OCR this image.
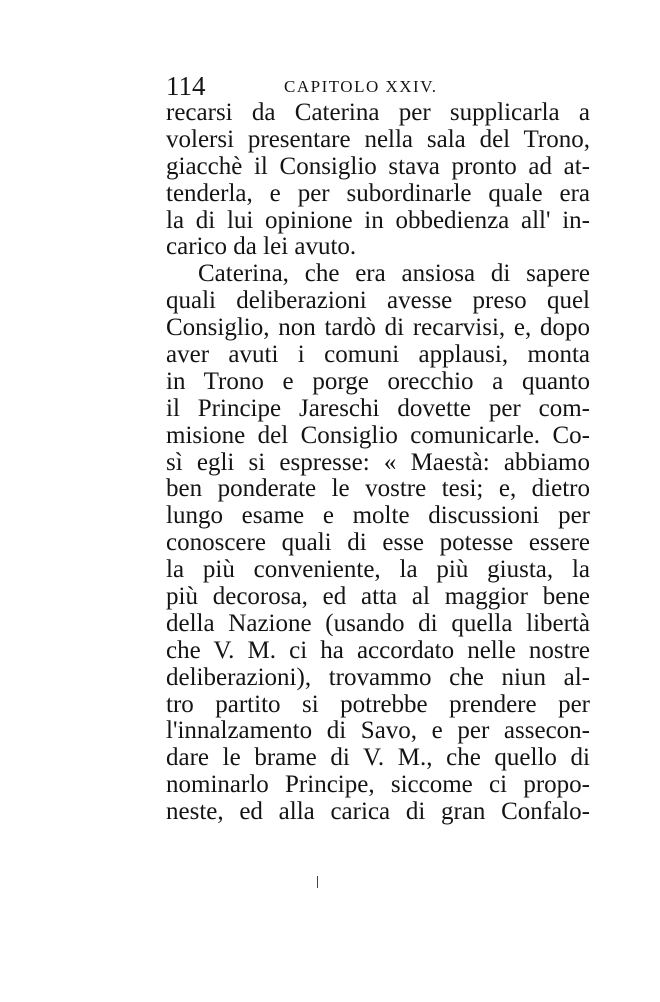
114	CAPITOLO XXIV.
recarsi da Caterina per supplicarla a
volersi presentare nella sala del Trono,
giacchè il Consiglio stava pronto ad at-
tenderla, e per subordinarle quale era
la di lui opinione in obbedienza all' in-
carico da lei avuto.
Caterina, che era ansiosa di sapere
quali deliberazioni avesse preso quel
Consiglio, non tardò di recarvisi, e, dopo
aver avuti i comuni applausi, monta
in Trono e porge orecchio a quanto
il Principe Jareschi dovette per com-
misione del Consiglio comunicarle. Co-
sì egli si espresse: « Maestà: abbiamo
ben ponderate le vostre tesi; e, dietro
lungo esame e molte discussioni per
conoscere quali di esse potesse essere
la più conveniente, la più giusta, la
più decorosa, ed atta al maggior bene
della Nazione (usando di quella libertà
che V. M. ci ha accordato nelle nostre
deliberazioni), trovammo che niun al-
tro partito si potrebbe prendere per
l'innalzamento di Savo, e per assecon-
dare le brame di V. M., che quello di
nominarlo Principe, siccome ci propo-
neste, ed alla carica di gran Confalo-
